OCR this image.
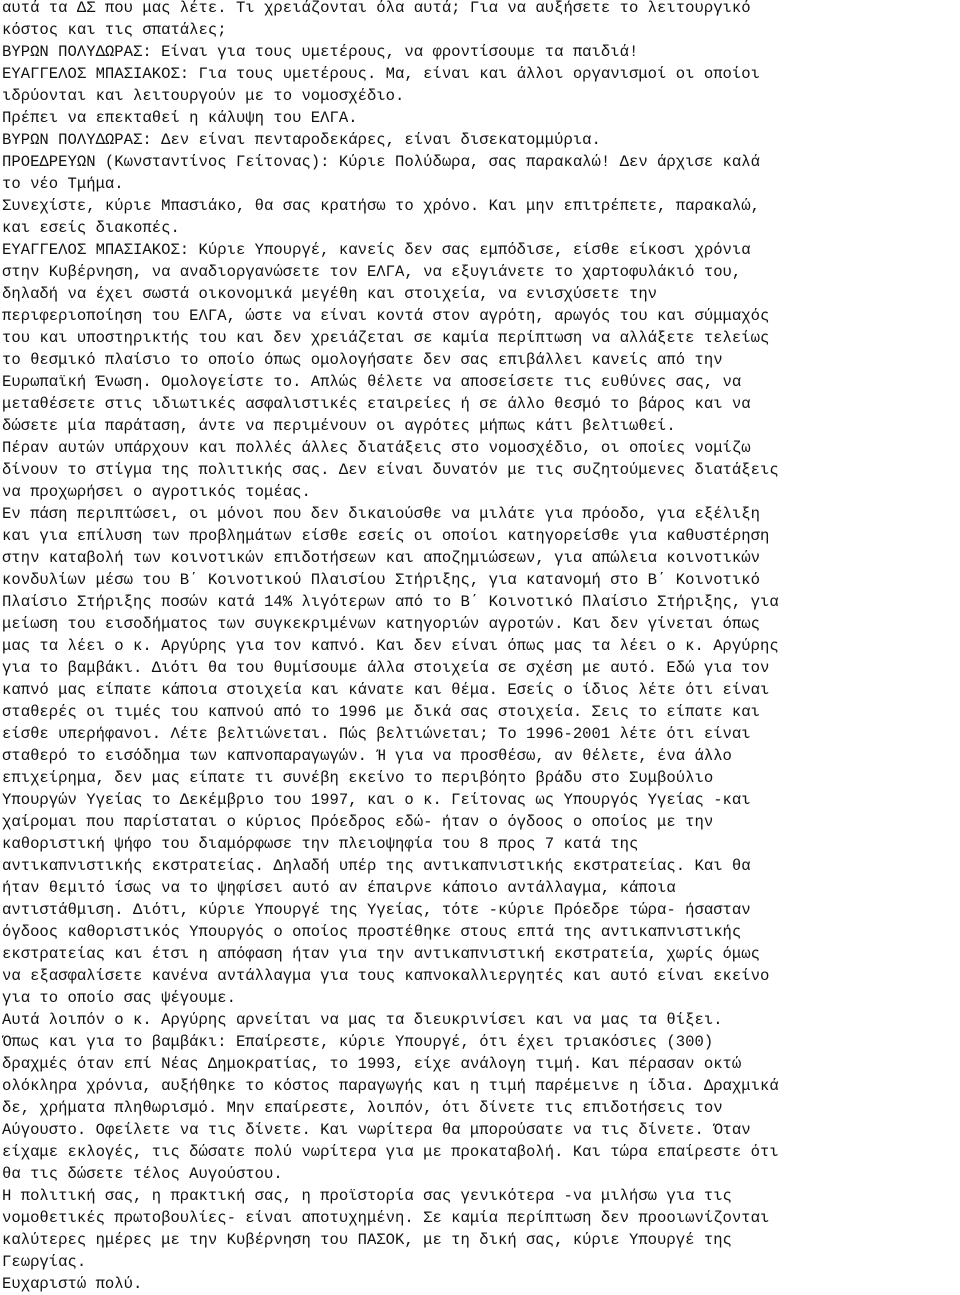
αυτά τα ΔΣ που μας λέτε. Τι χρειάζονται όλα αυτά; Για να αυξήσετε το λειτουργικό
κόστος και τις σπατάλες;
ΒΥΡΩΝ ΠΟΛΥΔΩΡΑΣ: Είναι για τους υμετέρους, να φροντίσουμε τα παιδιά!
ΕΥΑΓΓΕΛΟΣ ΜΠΑΣΙΑΚΟΣ: Για τους υμετέρους. Μα, είναι και άλλοι οργανισμοί οι οποίοι
ιδρύονται και λειτουργούν με το νομοσχέδιο.
Πρέπει να επεκταθεί η κάλυψη του ΕΛΓΑ.
ΒΥΡΩΝ ΠΟΛΥΔΩΡΑΣ: Δεν είναι πενταροδεκάρες, είναι δισεκατομμύρια.
ΠΡΟΕΔΡΕΥΩΝ (Κωνσταντίνος Γείτονας): Κύριε Πολύδωρα, σας παρακαλώ! Δεν άρχισε καλά
το νέο Τμήμα.
Συνεχίστε, κύριε Μπασιάκο, θα σας κρατήσω το χρόνο. Και μην επιτρέπετε, παρακαλώ,
και εσείς διακοπές.
ΕΥΑΓΓΕΛΟΣ ΜΠΑΣΙΑΚΟΣ: Κύριε Υπουργέ, κανείς δεν σας εμπόδισε, είσθε είκοσι χρόνια
στην Κυβέρνηση, να αναδιοργανώσετε τον ΕΛΓΑ, να εξυγιάνετε το χαρτοφυλάκιό του,
δηλαδή να έχει σωστά οικονομικά μεγέθη και στοιχεία, να ενισχύσετε την
περιφεριοποίηση του ΕΛΓΑ, ώστε να είναι κοντά στον αγρότη, αρωγός του και σύμμαχός
του και υποστηρικτής του και δεν χρειάζεται σε καμία περίπτωση να αλλάξετε τελείως
το θεσμικό πλαίσιο το οποίο όπως ομολογήσατε δεν σας επιβάλλει κανείς από την
Ευρωπαϊκή Ένωση. Ομολογείστε το. Απλώς θέλετε να αποσείσετε τις ευθύνες σας, να
μεταθέσετε στις ιδιωτικές ασφαλιστικές εταιρείες ή σε άλλο θεσμό το βάρος και να
δώσετε μία παράταση, άντε να περιμένουν οι αγρότες μήπως κάτι βελτιωθεί.
Πέραν αυτών υπάρχουν και πολλές άλλες διατάξεις στο νομοσχέδιο, οι οποίες νομίζω
δίνουν το στίγμα της πολιτικής σας. Δεν είναι δυνατόν με τις συζητούμενες διατάξεις
να προχωρήσει ο αγροτικός τομέας.
Εν πάση περιπτώσει, οι μόνοι που δεν δικαιούσθε να μιλάτε για πρόοδο, για εξέλιξη
και για επίλυση των προβλημάτων είσθε εσείς οι οποίοι κατηγορείσθε για καθυστέρηση
στην καταβολή των κοινοτικών επιδοτήσεων και αποζημιώσεων, για απώλεια κοινοτικών
κονδυλίων μέσω του Β΄ Κοινοτικού Πλαισίου Στήριξης, για κατανομή στο Β΄ Κοινοτικό
Πλαίσιο Στήριξης ποσών κατά 14% λιγότερων από το Β΄ Κοινοτικό Πλαίσιο Στήριξης, για
μείωση του εισοδήματος των συγκεκριμένων κατηγοριών αγροτών. Και δεν γίνεται όπως
μας τα λέει ο κ. Αργύρης για τον καπνό. Και δεν είναι όπως μας τα λέει ο κ. Αργύρης
για το βαμβάκι. Διότι θα του θυμίσουμε άλλα στοιχεία σε σχέση με αυτό. Εδώ για τον
καπνό μας είπατε κάποια στοιχεία και κάνατε και θέμα. Εσείς ο ίδιος λέτε ότι είναι
σταθερές οι τιμές του καπνού από το 1996 με δικά σας στοιχεία. Σεις το είπατε και
είσθε υπερήφανοι. Λέτε βελτιώνεται. Πώς βελτιώνεται; Το 1996-2001 λέτε ότι είναι
σταθερό το εισόδημα των καπνοπαραγωγών. Ή για να προσθέσω, αν θέλετε, ένα άλλο
επιχείρημα, δεν μας είπατε τι συνέβη εκείνο το περιβόητο βράδυ στο Συμβούλιο
Υπουργών Υγείας το Δεκέμβριο του 1997, και ο κ. Γείτονας ως Υπουργός Υγείας -και
χαίρομαι που παρίσταται ο κύριος Πρόεδρος εδώ- ήταν ο όγδοος ο οποίος με την
καθοριστική ψήφο του διαμόρφωσε την πλειοψηφία του 8 προς 7 κατά της
αντικαπνιστικής εκστρατείας. Δηλαδή υπέρ της αντικαπνιστικής εκστρατείας. Και θα
ήταν θεμιτό ίσως να το ψηφίσει αυτό αν έπαιρνε κάποιο αντάλλαγμα, κάποια
αντιστάθμιση. Διότι, κύριε Υπουργέ της Υγείας, τότε -κύριε Πρόεδρε τώρα- ήσασταν
όγδοος καθοριστικός Υπουργός ο οποίος προστέθηκε στους επτά της αντικαπνιστικής
εκστρατείας και έτσι η απόφαση ήταν για την αντικαπνιστική εκστρατεία, χωρίς όμως
να εξασφαλίσετε κανένα αντάλλαγμα για τους καπνοκαλλιεργητές και αυτό είναι εκείνο
για το οποίο σας ψέγουμε.
Αυτά λοιπόν ο κ. Αργύρης αρνείται να μας τα διευκρινίσει και να μας τα θίξει.
Όπως και για το βαμβάκι: Επαίρεστε, κύριε Υπουργέ, ότι έχει τριακόσιες (300)
δραχμές όταν επί Νέας Δημοκρατίας, το 1993, είχε ανάλογη τιμή. Και πέρασαν οκτώ
ολόκληρα χρόνια, αυξήθηκε το κόστος παραγωγής και η τιμή παρέμεινε η ίδια. Δραχμικά
δε, χρήματα πληθωρισμό. Μην επαίρεστε, λοιπόν, ότι δίνετε τις επιδοτήσεις τον
Αύγουστο. Οφείλετε να τις δίνετε. Και νωρίτερα θα μπορούσατε να τις δίνετε. Όταν
είχαμε εκλογές, τις δώσατε πολύ νωρίτερα για με προκαταβολή. Και τώρα επαίρεστε ότι
θα τις δώσετε τέλος Αυγούστου.
Η πολιτική σας, η πρακτική σας, η προϊστορία σας γενικότερα -να μιλήσω για τις
νομοθετικές πρωτοβουλίες- είναι αποτυχημένη. Σε καμία περίπτωση δεν προοιωνίζονται
καλύτερες ημέρες με την Κυβέρνηση του ΠΑΣΟΚ, με τη δική σας, κύριε Υπουργέ της
Γεωργίας.
Ευχαριστώ πολύ.
